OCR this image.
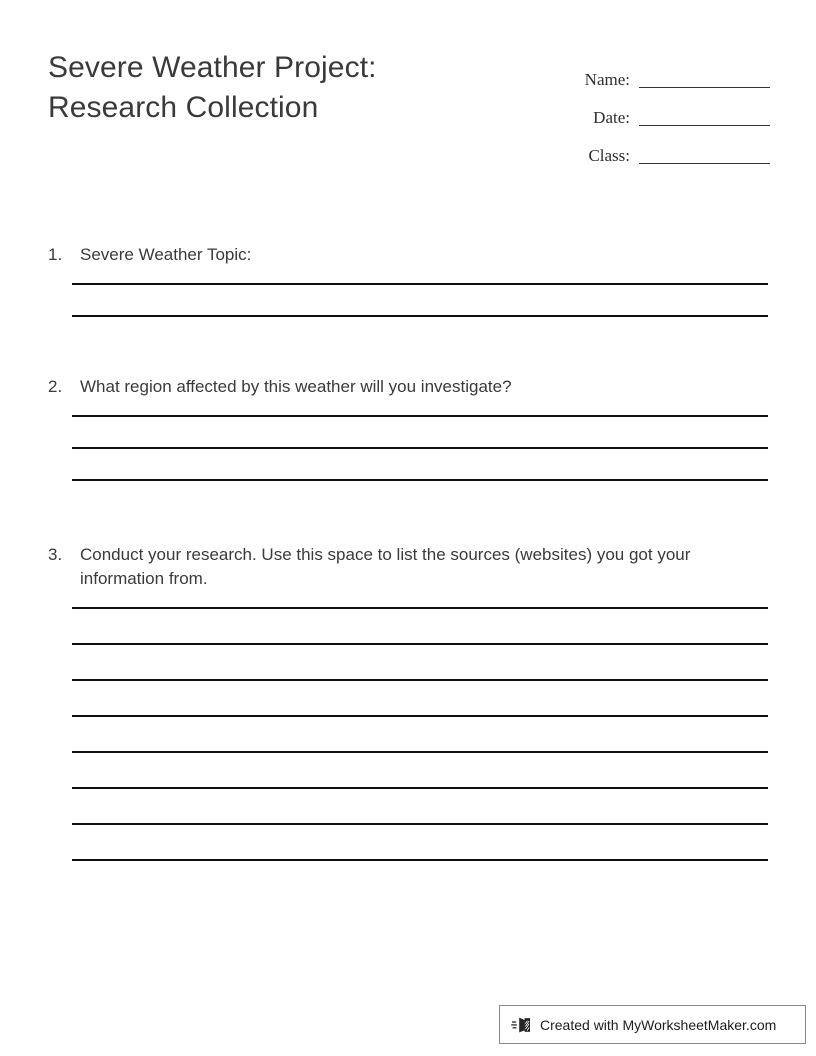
Severe Weather Project:
Research Collection
Name:
Date:
Class:
1.	Severe Weather Topic:
2.	What region affected by this weather will you investigate?
3.	Conduct your research. Use this space to list the sources (websites) you got your information from.
Created with MyWorksheetMaker.com
